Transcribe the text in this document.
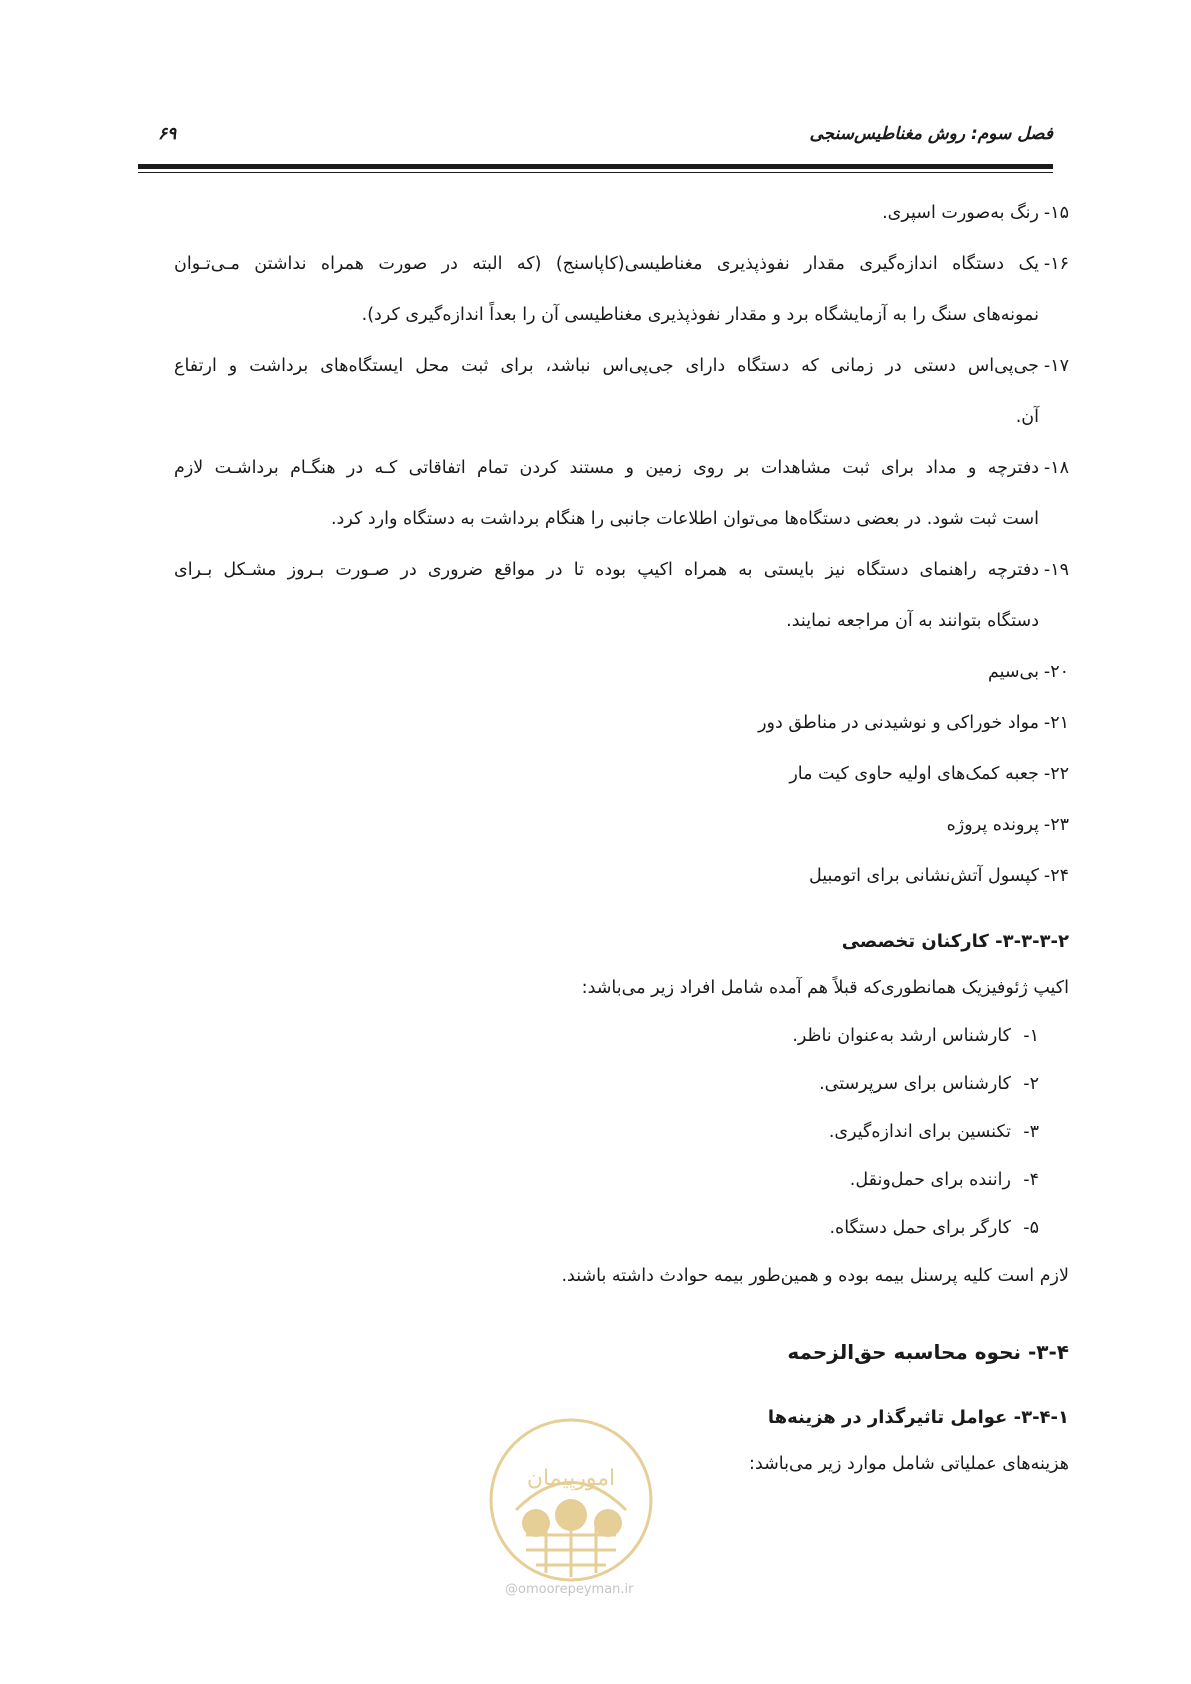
فصل سوم: روش مغناطیس‌سنجی
۶۹
۱۵-
رنگ به‌صورت اسپری.
۱۶-
یک دستگاه اندازه‌گیری مقدار نفوذپذیری مغناطیسی(کاپاسنج) (که البته در صورت همراه نداشتن مـی‌تـوان
نمونه‌های سنگ را به آزمایشگاه برد و مقدار نفوذپذیری مغناطیسی آن را بعداً اندازه‌گیری کرد).
۱۷-
جی‌پی‌اس دستی در زمانی که دستگاه دارای جی‌پی‌اس نباشد، برای ثبت محل ایستگاه‌های برداشت و ارتفاع
آن.
۱۸-
دفترچه و مداد برای ثبت مشاهدات بر روی زمین و مستند کردن تمام اتفاقاتی کـه در هنگـام برداشـت لازم
است ثبت شود. در بعضی دستگاه‌ها می‌توان اطلاعات جانبی را هنگام برداشت به دستگاه وارد کرد.
۱۹-
دفترچه راهنمای دستگاه نیز بایستی به همراه اکیپ بوده تا در مواقع ضروری در صـورت بـروز مشـکل بـرای
دستگاه بتوانند به آن مراجعه نمایند.
۲۰-
بی‌سیم
۲۱-
مواد خوراکی و نوشیدنی در مناطق دور
۲۲-
جعبه کمک‌های اولیه حاوی کیت مار
۲۳-
پرونده پروژه
۲۴-
کپسول آتش‌نشانی برای اتومبیل
۳-۳-۳-۲- کارکنان تخصصی
اکیپ ژئوفیزیک همانطوری‌که قبلاً هم آمده شامل افراد زیر می‌باشد:
۱-
کارشناس ارشد به‌عنوان ناظر.
۲-
کارشناس برای سرپرستی.
۳-
تکنسین برای اندازه‌گیری.
۴-
راننده برای حمل‌ونقل.
۵-
کارگر برای حمل دستگاه.
لازم است کلیه پرسنل بیمه بوده و همین‌طور بیمه حوادث داشته باشند.
۳-۴- نحوه محاسبه حق‌الزحمه
۳-۴-۱- عوامل تاثیرگذار در هزینه‌ها
هزینه‌های عملیاتی شامل موارد زیر می‌باشد:
امورپیمان
@omoorepeyman.ir
